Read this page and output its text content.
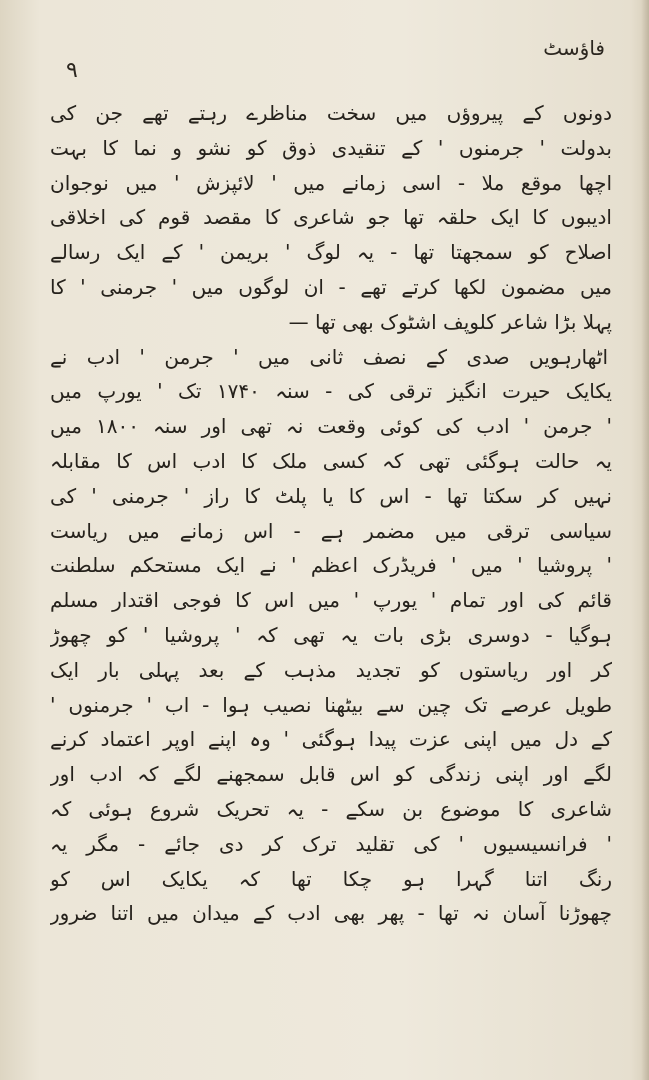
فاؤسٹ
۹
دونوں کے پیروؤں میں سخت مناظرے رہتے تھے جن کی
بدولت ' جرمنوں ' کے تنقیدی ذوق کو نشو و نما کا بہت
اچھا موقع ملا - اسی زمانے میں ' لائپزش ' میں نوجوان
ادیبوں کا ایک حلقہ تھا جو شاعری کا مقصد قوم کی اخلاقی
اصلاح کو سمجھتا تھا - یہ لوگ ' بریمن ' کے ایک رسالے
میں مضمون لکھا کرتے تھے - ان لوگوں میں ' جرمنی ' کا
پہلا بڑا شاعر کلوپف اشٹوک بھی تھا —
اٹھارہویں صدی کے نصف ثانی میں ' جرمن ' ادب نے
یکایک حیرت انگیز ترقی کی - سنہ ۱۷۴۰ تک ' یورپ میں
' جرمن ' ادب کی کوئی وقعت نہ تھی اور سنہ ۱۸۰۰ میں
یہ حالت ہوگئی تھی کہ کسی ملک کا ادب اس کا مقابلہ
نہیں کر سکتا تھا - اس کا یا پلٹ کا راز ' جرمنی ' کی
سیاسی ترقی میں مضمر ہے - اس زمانے میں ریاست
' پروشیا ' میں ' فریڈرک اعظم ' نے ایک مستحکم سلطنت
قائم کی اور تمام ' یورپ ' میں اس کا فوجی اقتدار مسلم
ہوگیا - دوسری بڑی بات یہ تھی کہ ' پروشیا ' کو چھوڑ
کر اور ریاستوں کو تجدید مذہب کے بعد پہلی بار ایک
طویل عرصے تک چین سے بیٹھنا نصیب ہوا - اب ' جرمنوں '
کے دل میں اپنی عزت پیدا ہوگئی ' وہ اپنے اوپر اعتماد کرنے
لگے اور اپنی زندگی کو اس قابل سمجھنے لگے کہ ادب اور
شاعری کا موضوع بن سکے - یہ تحریک شروع ہوئی کہ
' فرانسیسیوں ' کی تقلید ترک کر دی جائے - مگر یہ
رنگ اتنا گہرا ہو چکا تھا کہ یکایک اس کو
چھوڑنا آسان نہ تھا - پھر بھی ادب کے میدان میں اتنا ضرور
